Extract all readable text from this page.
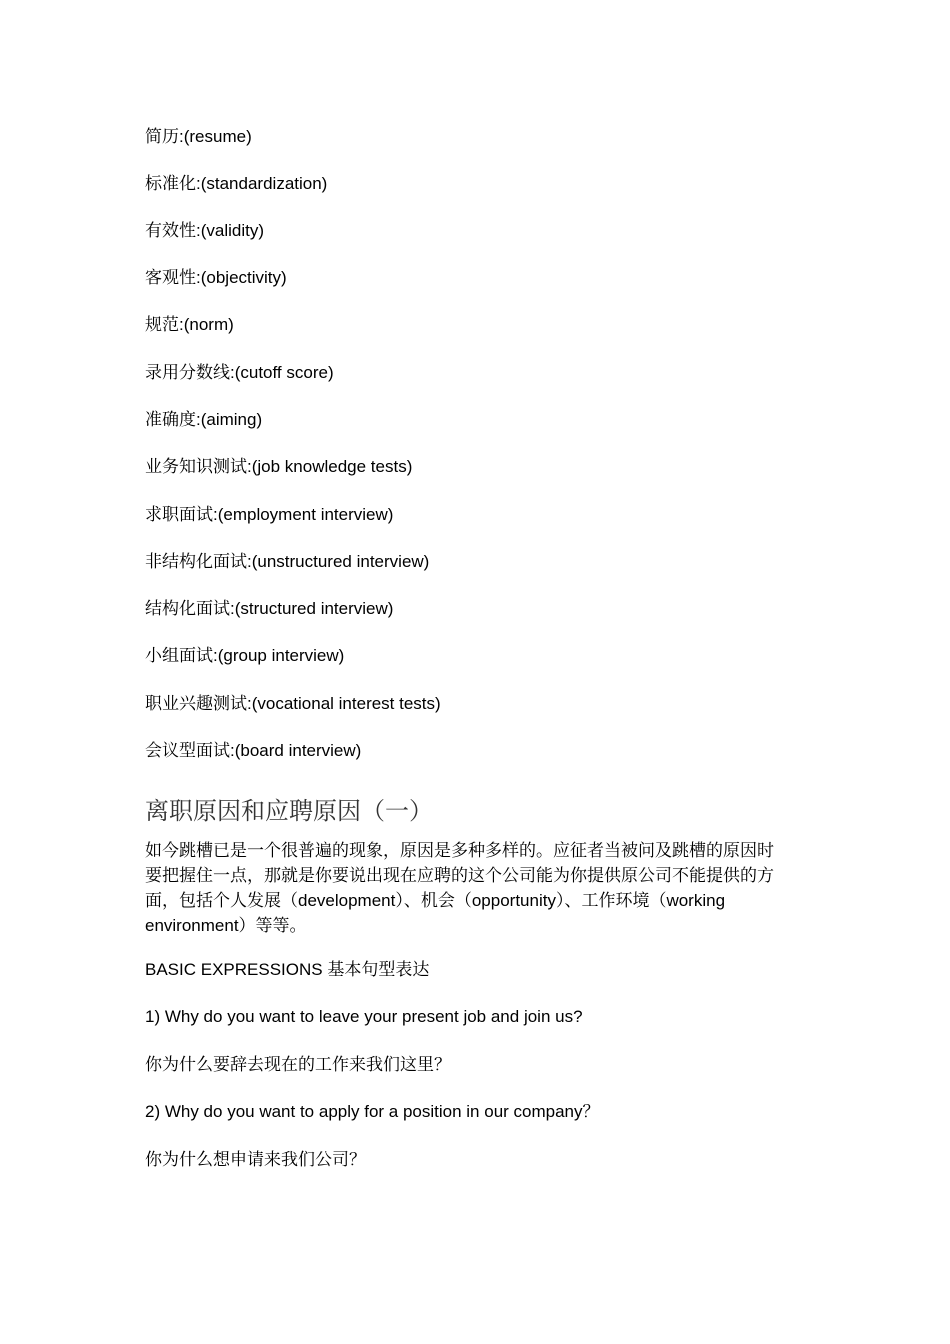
简历:(resume)
标准化:(standardization)
有效性:(validity)
客观性:(objectivity)
规范:(norm)
录用分数线:(cutoff score)
准确度:(aiming)
业务知识测试:(job knowledge tests)
求职面试:(employment interview)
非结构化面试:(unstructured interview)
结构化面试:(structured interview)
小组面试:(group interview)
职业兴趣测试:(vocational interest tests)
会议型面试:(board interview)
离职原因和应聘原因（一）
如今跳槽已是一个很普遍的现象，原因是多种多样的。应征者当被问及跳槽的原因时
要把握住一点，那就是你要说出现在应聘的这个公司能为你提供原公司不能提供的方
面，包括个人发展（development）、机会（opportunity）、工作环境（working
environment）等等。
BASIC EXPRESSIONS 基本句型表达
1) Why do you want to leave your present job and join us?
你为什么要辞去现在的工作来我们这里？
2) Why do you want to apply for a position in our company？
你为什么想申请来我们公司？
